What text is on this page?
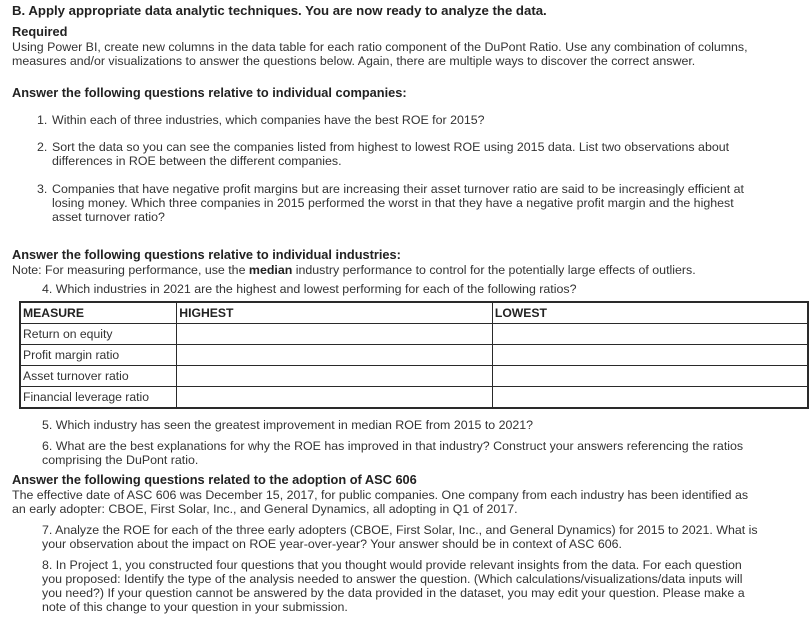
B. Apply appropriate data analytic techniques. You are now ready to analyze the data.
Required
Using Power BI, create new columns in the data table for each ratio component of the DuPont Ratio. Use any combination of columns,
measures and/or visualizations to answer the questions below. Again, there are multiple ways to discover the correct answer.
Answer the following questions relative to individual companies:
1. Within each of three industries, which companies have the best ROE for 2015?
2. Sort the data so you can see the companies listed from highest to lowest ROE using 2015 data. List two observations about
differences in ROE between the different companies.
3. Companies that have negative profit margins but are increasing their asset turnover ratio are said to be increasingly efficient at
losing money. Which three companies in 2015 performed the worst in that they have a negative profit margin and the highest
asset turnover ratio?
Answer the following questions relative to individual industries:
Note: For measuring performance, use the median industry performance to control for the potentially large effects of outliers.
4. Which industries in 2021 are the highest and lowest performing for each of the following ratios?
MEASURE	HIGHEST	LOWEST
Return on equity		
Profit margin ratio		
Asset turnover ratio		
Financial leverage ratio		
5. Which industry has seen the greatest improvement in median ROE from 2015 to 2021?
6. What are the best explanations for why the ROE has improved in that industry? Construct your answers referencing the ratios
comprising the DuPont ratio.
Answer the following questions related to the adoption of ASC 606
The effective date of ASC 606 was December 15, 2017, for public companies. One company from each industry has been identified as
an early adopter: CBOE, First Solar, Inc., and General Dynamics, all adopting in Q1 of 2017.
7. Analyze the ROE for each of the three early adopters (CBOE, First Solar, Inc., and General Dynamics) for 2015 to 2021. What is
your observation about the impact on ROE year-over-year? Your answer should be in context of ASC 606.
8. In Project 1, you constructed four questions that you thought would provide relevant insights from the data. For each question
you proposed: Identify the type of the analysis needed to answer the question. (Which calculations/visualizations/data inputs will
you need?) If your question cannot be answered by the data provided in the dataset, you may edit your question. Please make a
note of this change to your question in your submission.
